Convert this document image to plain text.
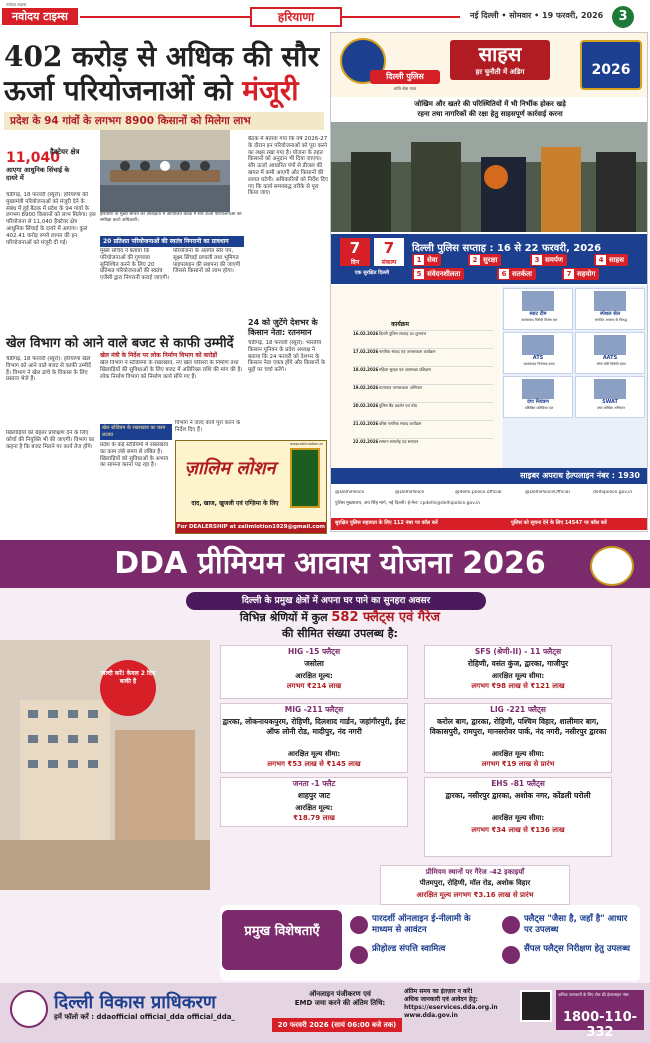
नवोदय टाइम्स
नवोदय टाइम्स	हरियाणा	नई दिल्ली • सोमवार • 19 फरवरी, 2026	3
402 करोड़ से अधिक की सौर ऊर्जा परियोजनाओं को मंजूरी
प्रदेश के 94 गांवों के लगभग 8900 किसानों को मिलेगा लाभ
11,040
हैक्टेयर क्षेत्र
आएगा आधुनिक सिंचाई के दायरे में
चंडीगढ़, 18 फरवरी (ब्यूरो): हरियाणा की मुख्यमंत्री परियोजनाओं को मंजूरी देने के संबंध में हुई बैठक में प्रदेश के 94 गांवों के लगभग 8900 किसानों को लाभ मिलेगा। इस परियोजना से 11,040 हैक्टेयर क्षेत्र आधुनिक सिंचाई के दायरे में आएगा। कुल 402.41 करोड़ रुपये लागत की इन परियोजनाओं को मंजूरी दी गई।
हरियाणा के मुख्य सचिव की अध्यक्षता में आयोजित बैठक में सौर ऊर्जा परियोजनाओं की समीक्षा करते अधिकारी।
20 प्रतिशत परियोजनाओं की स्वतंत्र निगरानी का प्रावधान
मुख्य सचिव ने बताया कि परियोजनाओं की गुणवत्ता सुनिश्चित करने के लिए 20 प्रतिशत परियोजनाओं की स्वतंत्र एजेंसी द्वारा निगरानी कराई जाएगी।
परियोजना के अंतर्गत सौर पंप, सूक्ष्म सिंचाई प्रणाली तथा भूमिगत पाइपलाइन की स्थापना की जाएगी जिससे किसानों को लाभ होगा।
बैठक में बताया गया कि वर्ष 2026-27 के दौरान इन परियोजनाओं को पूरा करने का लक्ष्य रखा गया है। योजना के तहत किसानों को अनुदान भी दिया जाएगा। सौर ऊर्जा आधारित पंपों से डीजल की खपत में कमी आएगी और किसानों की लागत घटेगी। अधिकारियों को निर्देश दिए गए कि कार्य समयबद्ध तरीके से पूरा किया जाए।
24 को जुटेंगे देशभर के किसान नेता: रतनमान
चंडीगढ़, 18 फरवरी (ब्यूरो): भारतीय किसान यूनियन के प्रदेश अध्यक्ष ने बताया कि 24 फरवरी को देशभर के किसान नेता एकत्र होंगे और किसानों के मुद्दों पर चर्चा करेंगे।
खेल विभाग को आने वाले बजट से काफी उम्मीदें
खेल मंत्री के निर्देश पर लोक निर्माण विभाग को करोड़ों
चंडीगढ़, 18 फरवरी (ब्यूरो): हरियाणा खेल विभाग को आने वाले बजट से काफी उम्मीदें हैं। विभाग ने खेल ढांचे के विकास के लिए प्रस्ताव भेजे हैं।
खेल विभाग ने स्टेडियमों के रखरखाव, नए खेल परिसरों के निर्माण तथा खिलाड़ियों की सुविधाओं के लिए बजट में अतिरिक्त राशि की मांग की है। लोक निर्माण विभाग को निर्माण कार्य सौंपे गए हैं।
खेल स्टेडियम के रखरखाव का काम लटका
प्रदेश के कई स्टेडियमों में रखरखाव का काम लंबे समय से लंबित है। खिलाड़ियों को सुविधाओं के अभाव का सामना करना पड़ रहा है।
विभाग ने जल्द कार्य पूरा करने के निर्देश दिए हैं।
खिलाड़ियों को बेहतर प्रशिक्षण देने के लिए कोचों की नियुक्ति भी की जाएगी। विभाग का कहना है कि बजट मिलने पर कार्य तेज होंगे।	www.zalimlotion.in
ज़ालिम लोशन
दाद, खाज, खुजली एवं एग्ज़िमा के लिए
For DEALERSHIP at zalimlotion1929@gmail.com
दिल्ली पुलिस
शांति सेवा न्याय
साहस
हर चुनौती में अडिग	2026
जोखिम और खतरे की परिस्थितियों में भी निर्भीक होकर खड़े
रहना तथा नागरिकों की रक्षा हेतु साहसपूर्ण कार्रवाई करना
7
दिन
7
संकल्प
एक सुरक्षित दिल्ली
दिल्ली पुलिस सप्ताह : 16 से 22 फरवरी, 2026
1 सेवा	2 सुरक्षा	3 समर्पण	4 साहस
5 संवेदनशीलता	6 सतर्कता	7 सहयोग
कार्यक्रम
16.02.2026दिल्ली पुलिस सप्ताह का शुभारंभ
17.02.2026नागरिक संवाद एवं जागरूकता कार्यक्रम
18.02.2026महिला सुरक्षा एवं आत्मरक्षा प्रशिक्षण
19.02.2026यातायात जागरूकता अभियान
20.02.2026पुलिस बैंड प्रदर्शन एवं परेड
21.02.2026वरिष्ठ नागरिक संवाद कार्यक्रम
22.02.2026सम्मान समारोह एवं समापन
स्वाट टीम
आतंकवाद विरोधी विशेष बल
स्पेशल सेल
संगठित अपराध के विरुद्ध
ATS
आतंकवाद निरोधक दस्ता
AATS
ऑटो चोरी विरोधी दस्ता
दंगा नियंत्रण
प्रशिक्षित प्रतिक्रिया दल
SWAT
उच्च जोखिम अभियान
साइबर अपराध हेल्पलाइन नंबर : 1930
@DelhiPolice	@DelhiPolice	@delhi.police.official	@DelhiPoliceOfficial	delhipolice.gov.in
पुलिस मुख्यालय, जय सिंह मार्ग, नई दिल्ली। ई-मेल: cpdelhi@delhipolice.gov.in
सुरक्षित पुलिस सहायता के लिए 112 नंबर पर कॉल करें	पुलिस को सूचना देने के लिए 14547 पर कॉल करें
DDA प्रीमियम आवास योजना 2026
दिल्ली के प्रमुख क्षेत्रों में अपना घर पाने का सुनहरा अवसर
विभिन्न श्रेणियों में कुल 582 फ्लैट्स एवं गैरेज
की सीमित संख्या उपलब्ध है:
जल्दी करें! केवल 2 दिन बाकी है
HIG -15 फ्लैट्स
जसोला
आरक्षित मूल्य:
लगभग ₹214 लाख
SFS (श्रेणी-II) - 11 फ्लैट्स
रोहिणी, वसंत कुंज, द्वारका, गाजीपुर
आरक्षित मूल्य सीमा:
लगभग ₹98 लाख से ₹121 लाख
MIG -211 फ्लैट्स
द्वारका, लोकनायकपुरम, रोहिणी, दिलशाद गार्डन, जहांगीरपुरी, ईस्ट ऑफ लोनी रोड, मादीपुर, नंद नगरी
आरक्षित मूल्य सीमा:
लगभग ₹53 लाख से ₹145 लाख
LIG -221 फ्लैट्स
करोल बाग, द्वारका, रोहिणी, पश्चिम विहार, शालीमार बाग, विकासपुरी, रामपुरा, मानसरोवर पार्क, नंद नगरी, नसीरपुर द्वारका
आरक्षित मूल्य सीमा:
लगभग ₹19 लाख से प्रारंभ
जनता -1 फ्लैट
शाहपुर जाट
आरक्षित मूल्य:
₹18.79 लाख
EHS -81 फ्लैट्स
द्वारका, नसीरपुर द्वारका, अशोक नगर, कोंडली घरोली
आरक्षित मूल्य सीमा:
लगभग ₹34 लाख से ₹136 लाख
प्रीमियम स्थानों पर गैरेज -42 इकाइयाँ
पीतमपुरा, रोहिणी, मॉल रोड, अशोक विहार
आरक्षित मूल्य लगभग ₹3.16 लाख से प्रारंभ
प्रमुख विशेषताएँ
पारदर्शी ऑनलाइन ई-नीलामी के माध्यम से आवंटन
फ्लैट्स "जैसा है, जहाँ है" आधार पर उपलब्ध
फ्रीहोल्ड संपत्ति स्वामित्व	सैंपल फ्लैट्स निरीक्षण हेतु उपलब्ध
दिल्ली विकास प्राधिकरण
हमें फॉलो करें : ddaofficial official_dda official_dda_
ऑनलाइन पंजीकरण एवं
EMD जमा करने की अंतिम तिथि:
20 फरवरी 2026 (सायं 06:00 बजे तक)
अंतिम समय का इंतज़ार न करें!
अधिक जानकारी एवं आवेदन हेतु:
https://eservices.dda.org.in
www.dda.gov.in
अधिक जानकारी के लिए टोल फ्री हेल्पलाइन नंबर
1800-110-332
